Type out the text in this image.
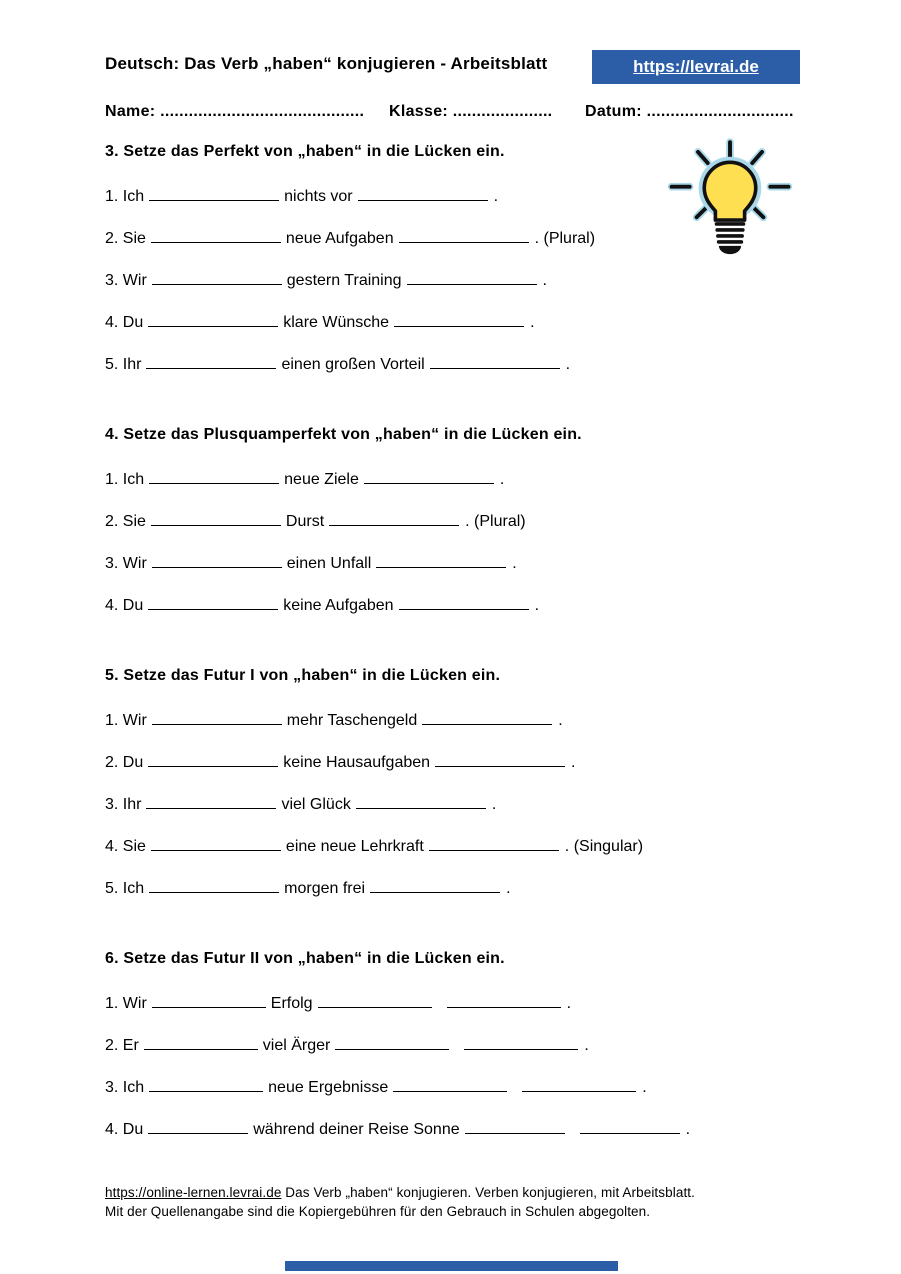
Deutsch: Das Verb „haben“ konjugieren - Arbeitsblatt	https://levrai.de
Name: ........................................... Klasse: ..................... Datum: ...............................
3. Setze das Perfekt von „haben“ in die Lücken ein.
1. Ich	nichts vor	.
2. Sie	neue Aufgaben	. (Plural)
3. Wir	gestern Training	.
4. Du	klare Wünsche	.
5. Ihr	einen großen Vorteil	.
4. Setze das Plusquamperfekt von „haben“ in die Lücken ein.
1. Ich	neue Ziele	.
2. Sie	Durst	. (Plural)
3. Wir	einen Unfall	.
4. Du	keine Aufgaben	.
5. Setze das Futur I von „haben“ in die Lücken ein.
1. Wir	mehr Taschengeld	.
2. Du	keine Hausaufgaben	.
3. Ihr	viel Glück	.
4. Sie	eine neue Lehrkraft	. (Singular)
5. Ich	morgen frei	.
6. Setze das Futur II von „haben“ in die Lücken ein.
1. Wir	Erfolg	.
2. Er	viel Ärger	.
3. Ich	neue Ergebnisse	.
4. Du	während deiner Reise Sonne	.
https://online-lernen.levrai.de Das Verb „haben“ konjugieren. Verben konjugieren, mit Arbeitsblatt.
Mit der Quellenangabe sind die Kopiergebühren für den Gebrauch in Schulen abgegolten.
